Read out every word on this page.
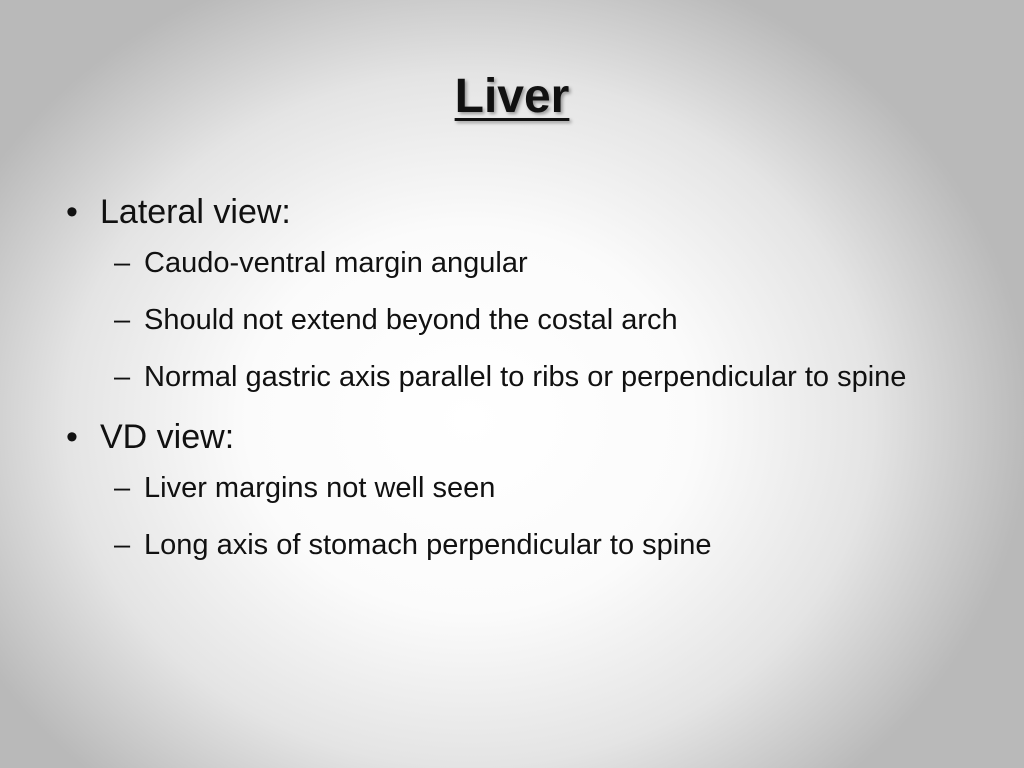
Liver
• Lateral view:
– Caudo-ventral margin angular
– Should not extend beyond the costal arch
– Normal gastric axis parallel to ribs or perpendicular to spine
• VD view:
– Liver margins not well seen
– Long axis of stomach perpendicular to spine
